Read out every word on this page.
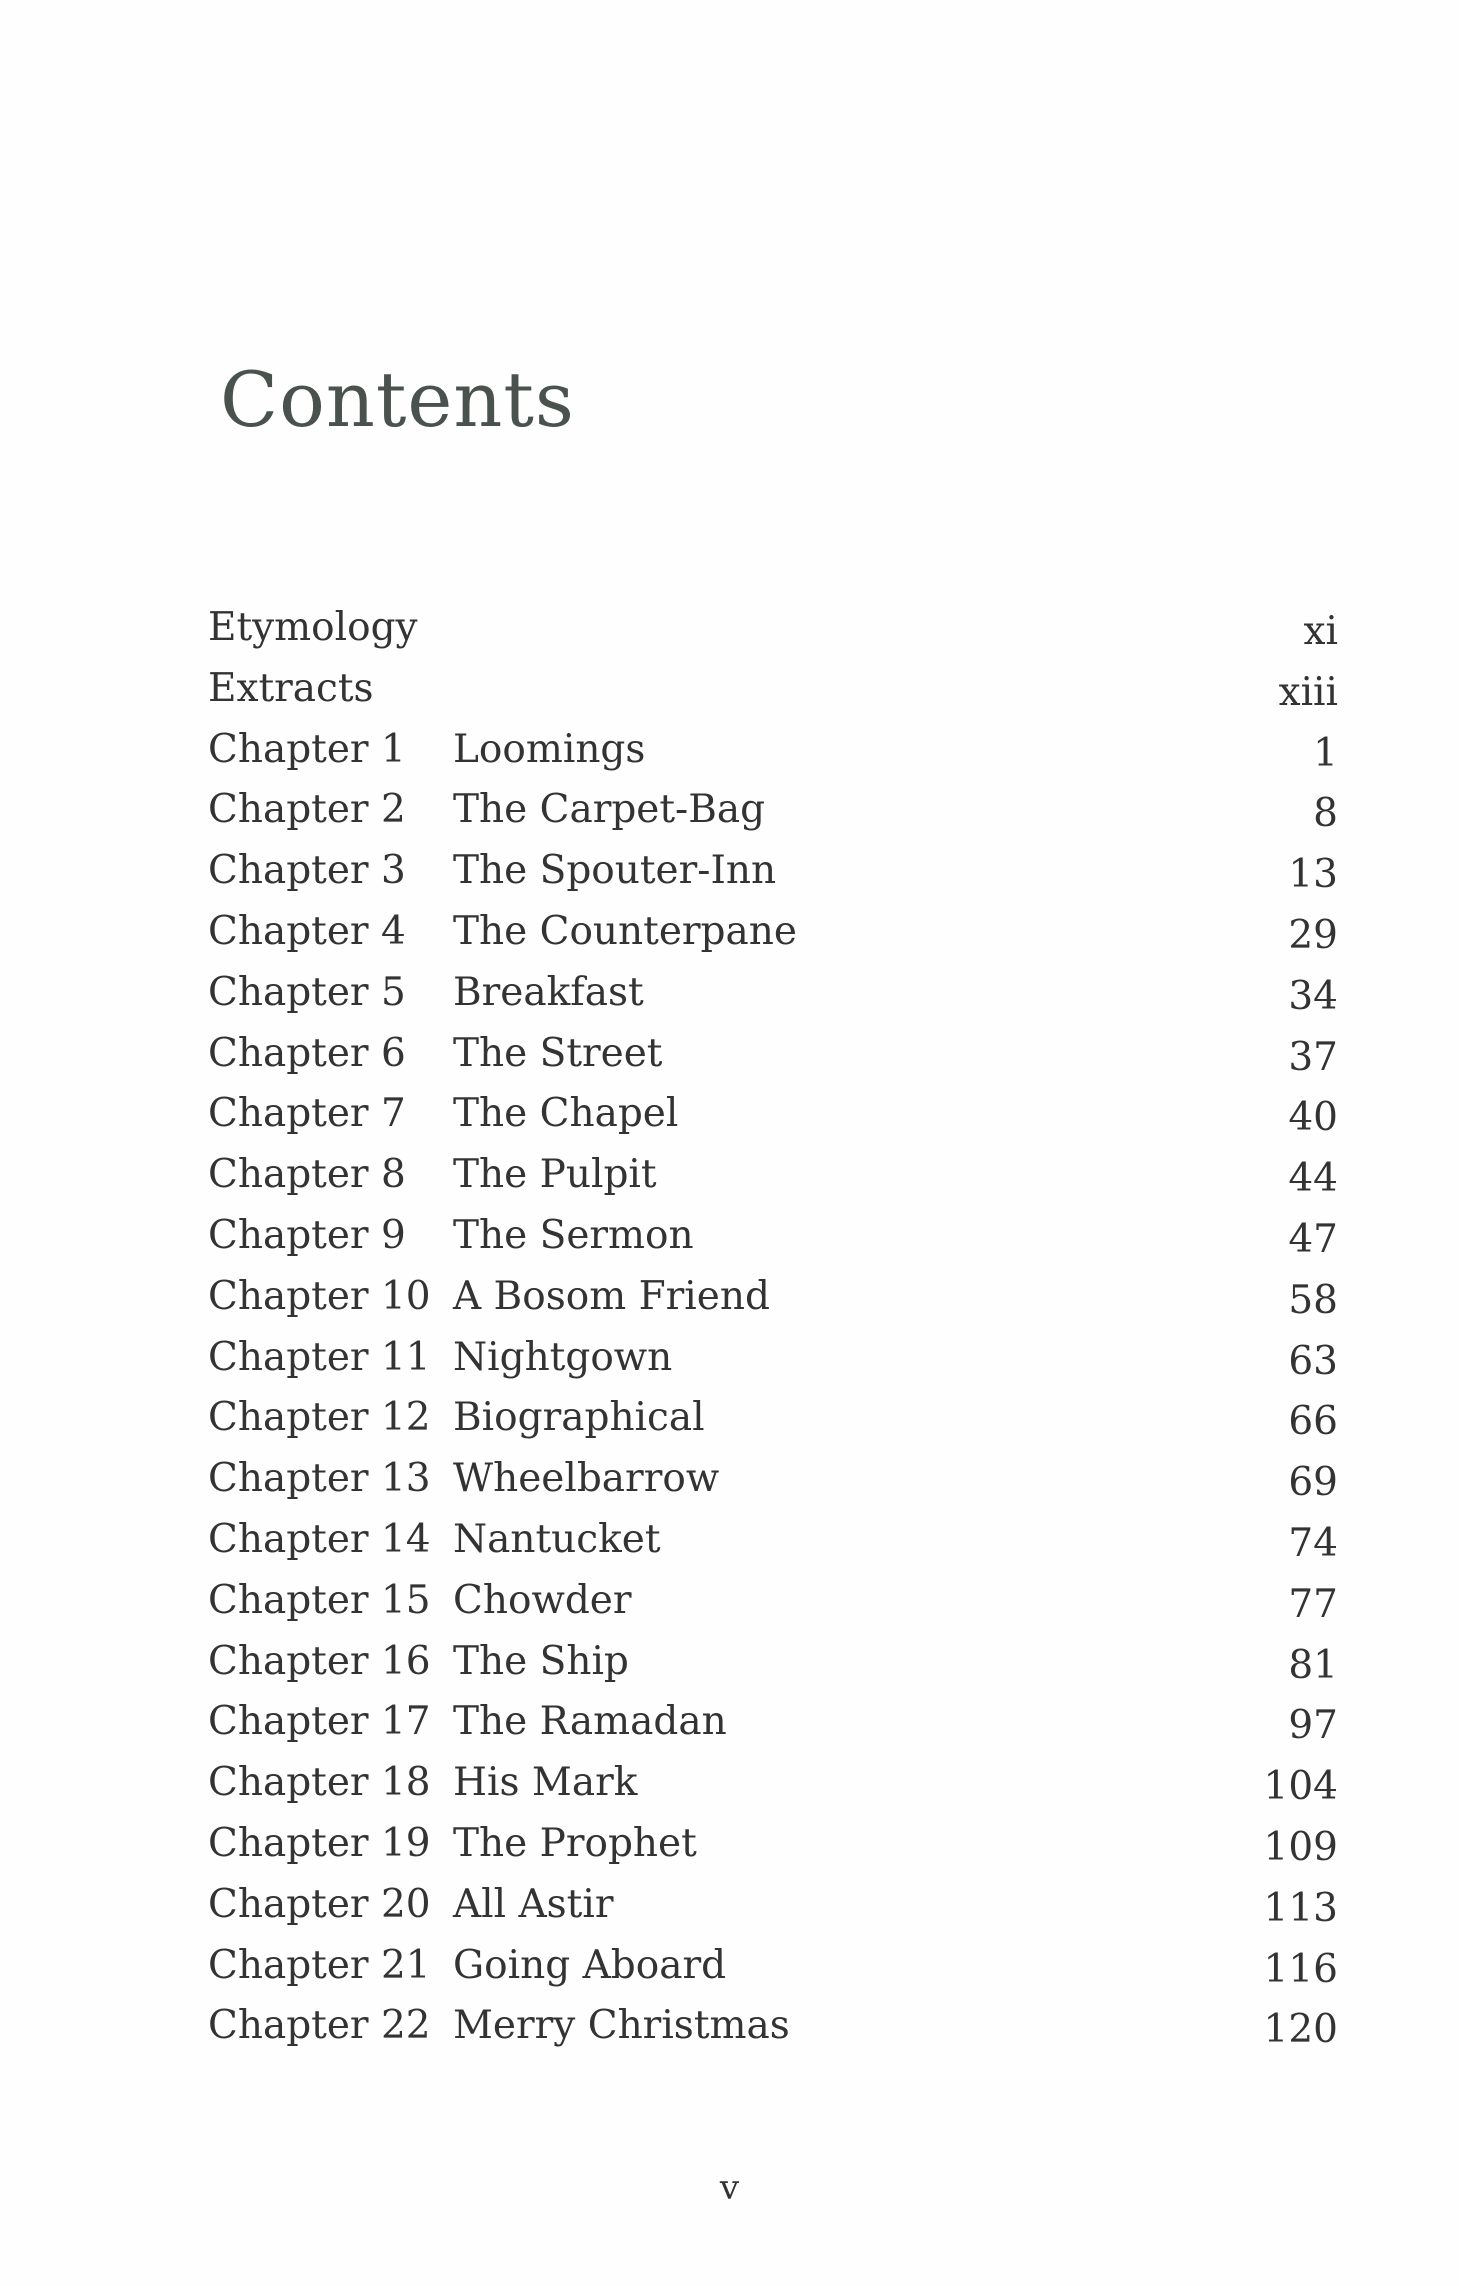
Contents
Etymology	xi
Extracts	xiii
Chapter 1 Loomings	1
Chapter 2 The Carpet-Bag	8
Chapter 3 The Spouter-Inn	13
Chapter 4 The Counterpane	29
Chapter 5 Breakfast	34
Chapter 6 The Street	37
Chapter 7 The Chapel	40
Chapter 8 The Pulpit	44
Chapter 9 The Sermon	47
Chapter 10 A Bosom Friend	58
Chapter 11 Nightgown	63
Chapter 12 Biographical	66
Chapter 13 Wheelbarrow	69
Chapter 14 Nantucket	74
Chapter 15 Chowder	77
Chapter 16 The Ship	81
Chapter 17 The Ramadan	97
Chapter 18 His Mark	104
Chapter 19 The Prophet	109
Chapter 20 All Astir	113
Chapter 21 Going Aboard	116
Chapter 22 Merry Christmas	120
v
